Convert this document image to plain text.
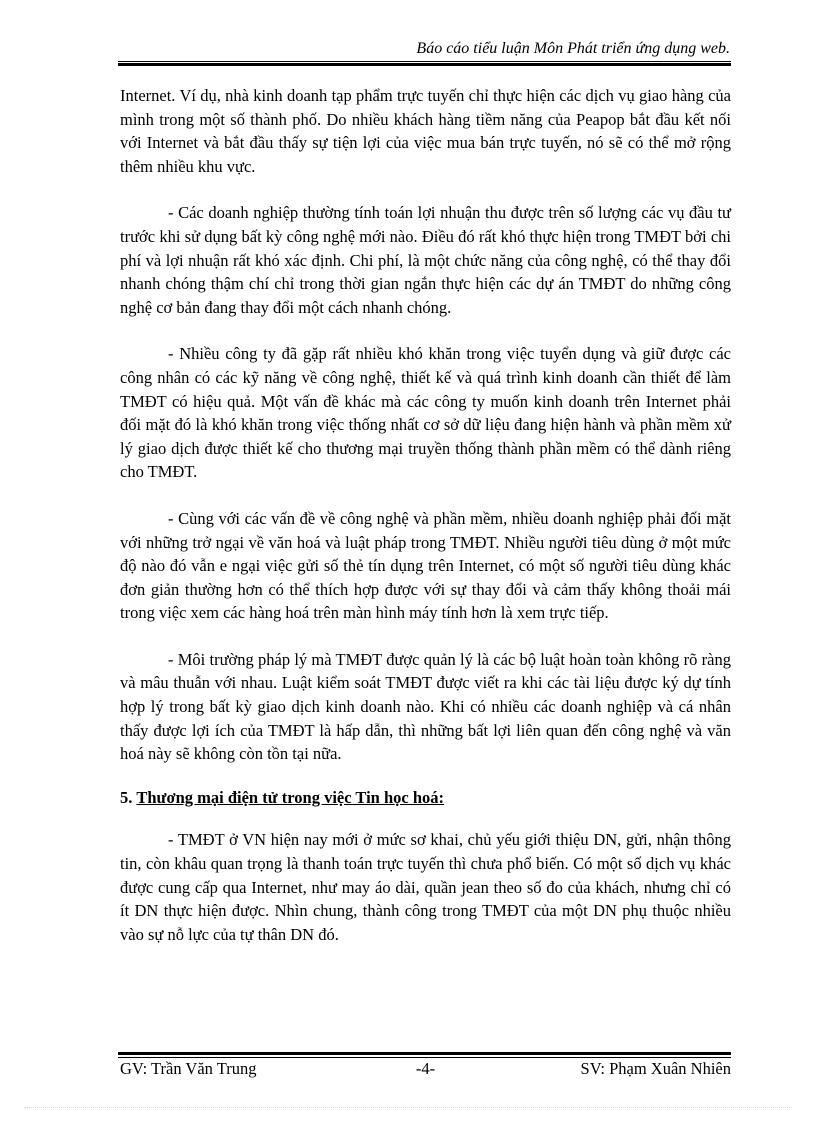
Báo cáo tiểu luận Môn Phát triển ứng dụng web.

Internet. Ví dụ, nhà kinh doanh tạp phẩm trực tuyến chỉ thực hiện các dịch vụ giao hàng của mình trong một số thành phố. Do nhiều khách hàng tiềm năng của Peapop bắt đầu kết nối với Internet và bắt đầu thấy sự tiện lợi của việc mua bán trực tuyến, nó sẽ có thể mở rộng thêm nhiều khu vực.

- Các doanh nghiệp thường tính toán lợi nhuận thu được trên số lượng các vụ đầu tư trước khi sử dụng bất kỳ công nghệ mới nào. Điều đó rất khó thực hiện trong TMĐT bởi chi phí và lợi nhuận rất khó xác định. Chi phí, là một chức năng của công nghệ, có thể thay đổi nhanh chóng thậm chí chỉ trong thời gian ngắn thực hiện các dự án TMĐT do những công nghệ cơ bản đang thay đổi một cách nhanh chóng.

- Nhiều công ty đã gặp rất nhiều khó khăn trong việc tuyển dụng và giữ được các công nhân có các kỹ năng về công nghệ, thiết kế và quá trình kinh doanh cần thiết để làm TMĐT có hiệu quả. Một vấn đề khác mà các công ty muốn kinh doanh trên Internet phải đối mặt đó là khó khăn trong việc thống nhất cơ sở dữ liệu đang hiện hành và phần mềm xử lý giao dịch được thiết kế cho thương mại truyền thống thành phần mềm có thể dành riêng cho TMĐT.

- Cùng với các vấn đề về công nghệ và phần mềm, nhiều doanh nghiệp phải đối mặt với những trở ngại về văn hoá và luật pháp trong TMĐT. Nhiều người tiêu dùng ở một mức độ nào đó vẫn e ngại việc gửi số thẻ tín dụng trên Internet, có một số người tiêu dùng khác đơn giản thường hơn có thể thích hợp được với sự thay đổi và cảm thấy không thoải mái trong việc xem các hàng hoá trên màn hình máy tính hơn là xem trực tiếp.

- Môi trường pháp lý mà TMĐT được quản lý là các bộ luật hoàn toàn không rõ ràng và mâu thuẫn với nhau. Luật kiểm soát TMĐT được viết ra khi các tài liệu được ký dự tính hợp lý trong bất kỳ giao dịch kinh doanh nào. Khi có nhiều các doanh nghiệp và cá nhân thấy được lợi ích của TMĐT là hấp dẫn, thì những bất lợi liên quan đến công nghệ và văn hoá này sẽ không còn tồn tại nữa.

5. Thương mại điện tử trong việc Tin học hoá:

- TMĐT ở VN hiện nay mới ở mức sơ khai, chủ yếu giới thiệu DN, gửi, nhận thông tin, còn khâu quan trọng là thanh toán trực tuyến thì chưa phổ biến. Có một số dịch vụ khác được cung cấp qua Internet, như may áo dài, quần jean theo số đo của khách, nhưng chỉ có ít DN thực hiện được. Nhìn chung, thành công trong TMĐT của một DN phụ thuộc nhiều vào sự nỗ lực của tự thân DN đó.

GV: Trần Văn Trung	-4-	SV: Phạm Xuân Nhiên
